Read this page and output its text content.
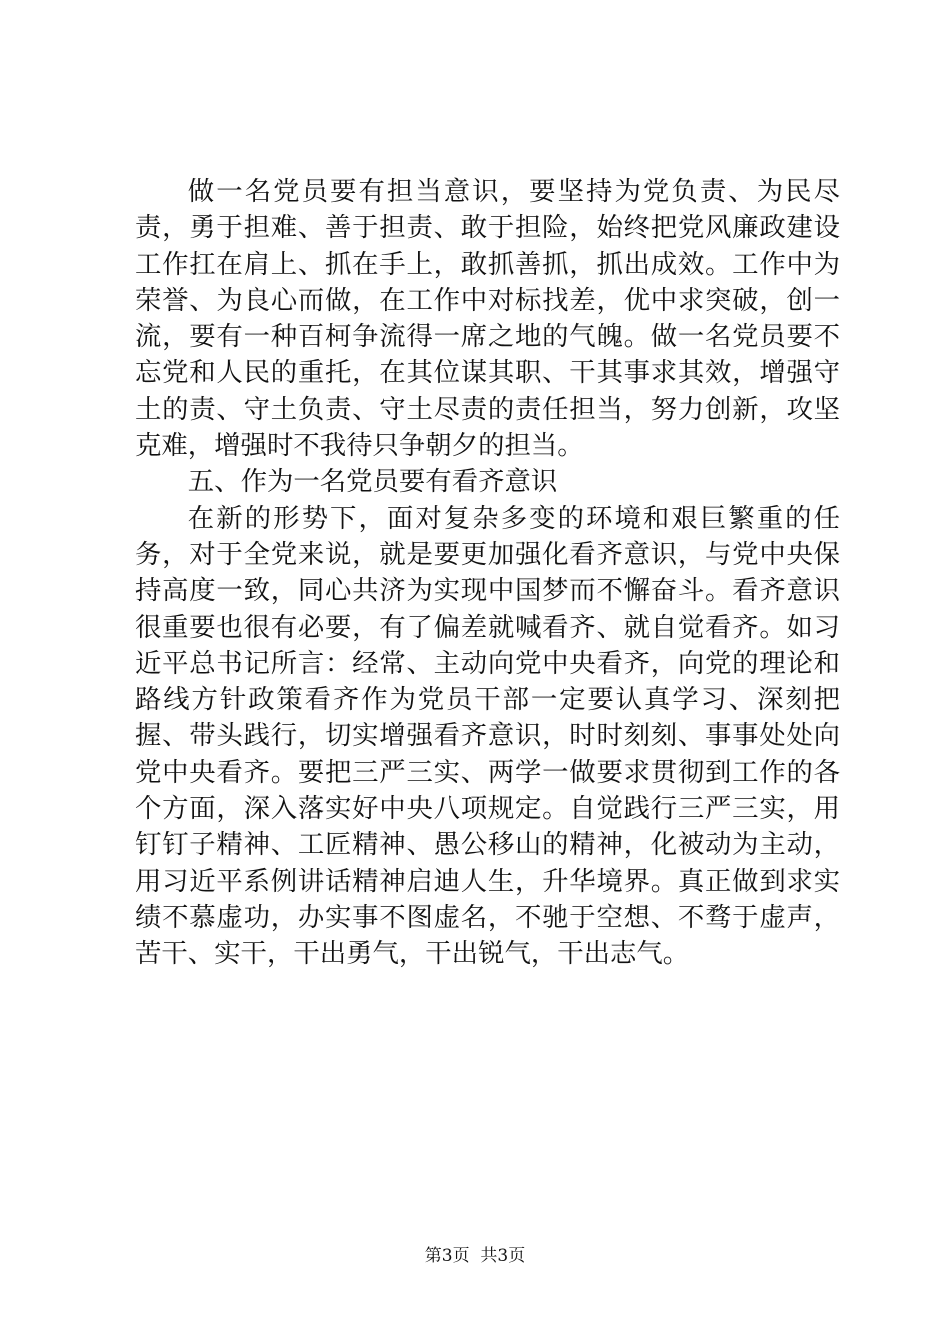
做一名党员要有担当意识，要坚持为党负责、为民尽责，勇于担难、善于担责、敢于担险，始终把党风廉政建设工作扛在肩上、抓在手上，敢抓善抓，抓出成效。工作中为荣誉、为良心而做，在工作中对标找差，优中求突破，创一流，要有一种百柯争流得一席之地的气魄。做一名党员要不忘党和人民的重托，在其位谋其职、干其事求其效，增强守土的责、守土负责、守土尽责的责任担当，努力创新，攻坚克难，增强时不我待只争朝夕的担当。

五、作为一名党员要有看齐意识

在新的形势下，面对复杂多变的环境和艰巨繁重的任务，对于全党来说，就是要更加强化看齐意识，与党中央保持高度一致，同心共济为实现中国梦而不懈奋斗。看齐意识很重要也很有必要，有了偏差就喊看齐、就自觉看齐。如习近平总书记所言：经常、主动向党中央看齐，向党的理论和路线方针政策看齐作为党员干部一定要认真学习、深刻把握、带头践行，切实增强看齐意识，时时刻刻、事事处处向党中央看齐。要把三严三实、两学一做要求贯彻到工作的各个方面，深入落实好中央八项规定。自觉践行三严三实，用钉钉子精神、工匠精神、愚公移山的精神，化被动为主动，用习近平系例讲话精神启迪人生，升华境界。真正做到求实绩不慕虚功，办实事不图虚名，不驰于空想、不骛于虚声，苦干、实干，干出勇气，干出锐气，干出志气。

第3页  共3页
